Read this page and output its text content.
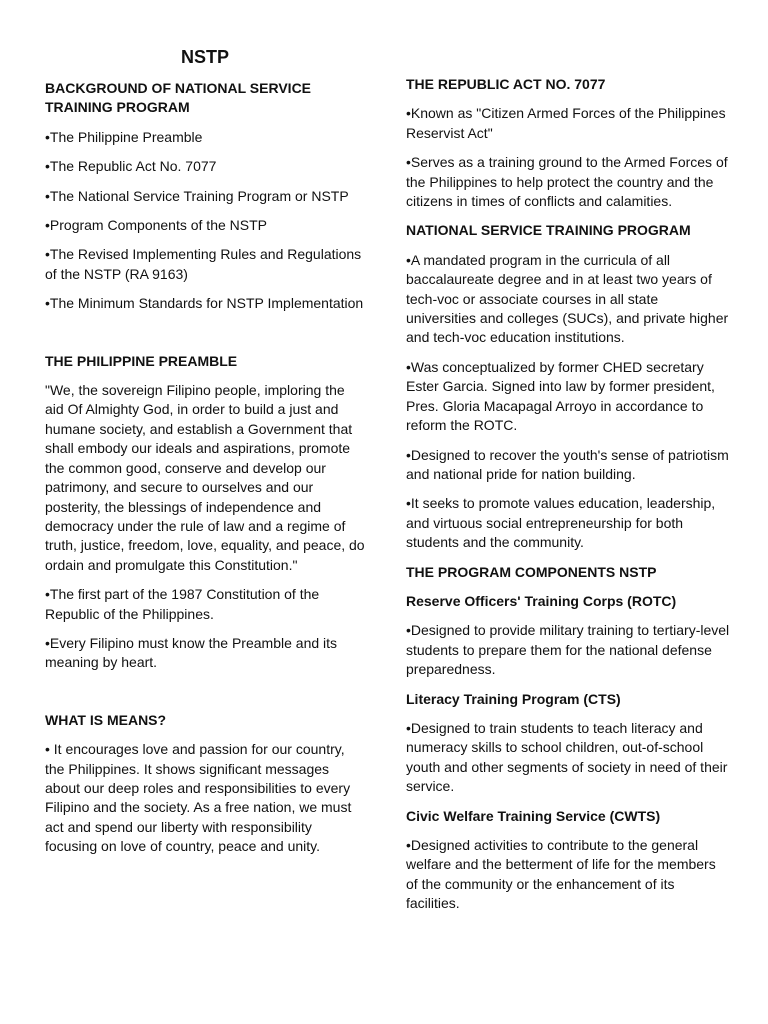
NSTP
BACKGROUND OF NATIONAL SERVICE TRAINING PROGRAM

•The Philippine Preamble

•The Republic Act No. 7077

•The National Service Training Program or NSTP

•Program Components of the NSTP

•The Revised Implementing Rules and Regulations of the NSTP (RA 9163)

•The Minimum Standards for NSTP Implementation

THE PHILIPPINE PREAMBLE

"We, the sovereign Filipino people, imploring the aid Of Almighty God, in order to build a just and humane society, and establish a Government that shall embody our ideals and aspirations, promote the common good, conserve and develop our patrimony, and secure to ourselves and our posterity, the blessings of independence and democracy under the rule of law and a regime of truth, justice, freedom, love, equality, and peace, do ordain and promulgate this Constitution."

•The first part of the 1987 Constitution of the Republic of the Philippines.

•Every Filipino must know the Preamble and its meaning by heart.

WHAT IS MEANS?

• It encourages love and passion for our country, the Philippines. It shows significant messages about our deep roles and responsibilities to every Filipino and the society. As a free nation, we must act and spend our liberty with responsibility focusing on love of country, peace and unity.

THE REPUBLIC ACT NO. 7077

•Known as "Citizen Armed Forces of the Philippines Reservist Act"

•Serves as a training ground to the Armed Forces of the Philippines to help protect the country and the citizens in times of conflicts and calamities.

NATIONAL SERVICE TRAINING PROGRAM

•A mandated program in the curricula of all baccalaureate degree and in at least two years of tech-voc or associate courses in all state universities and colleges (SUCs), and private higher and tech-voc education institutions.

•Was conceptualized by former CHED secretary Ester Garcia. Signed into law by former president, Pres. Gloria Macapagal Arroyo in accordance to reform the ROTC.

•Designed to recover the youth's sense of patriotism and national pride for nation building.

•It seeks to promote values education, leadership, and virtuous social entrepreneurship for both students and the community.

THE PROGRAM COMPONENTS NSTP
Reserve Officers' Training Corps (ROTC)

•Designed to provide military training to tertiary-level students to prepare them for the national defense preparedness.

Literacy Training Program (CTS)

•Designed to train students to teach literacy and numeracy skills to school children, out-of-school youth and other segments of society in need of their service.

Civic Welfare Training Service (CWTS)

•Designed activities to contribute to the general welfare and the betterment of life for the members of the community or the enhancement of its facilities.
